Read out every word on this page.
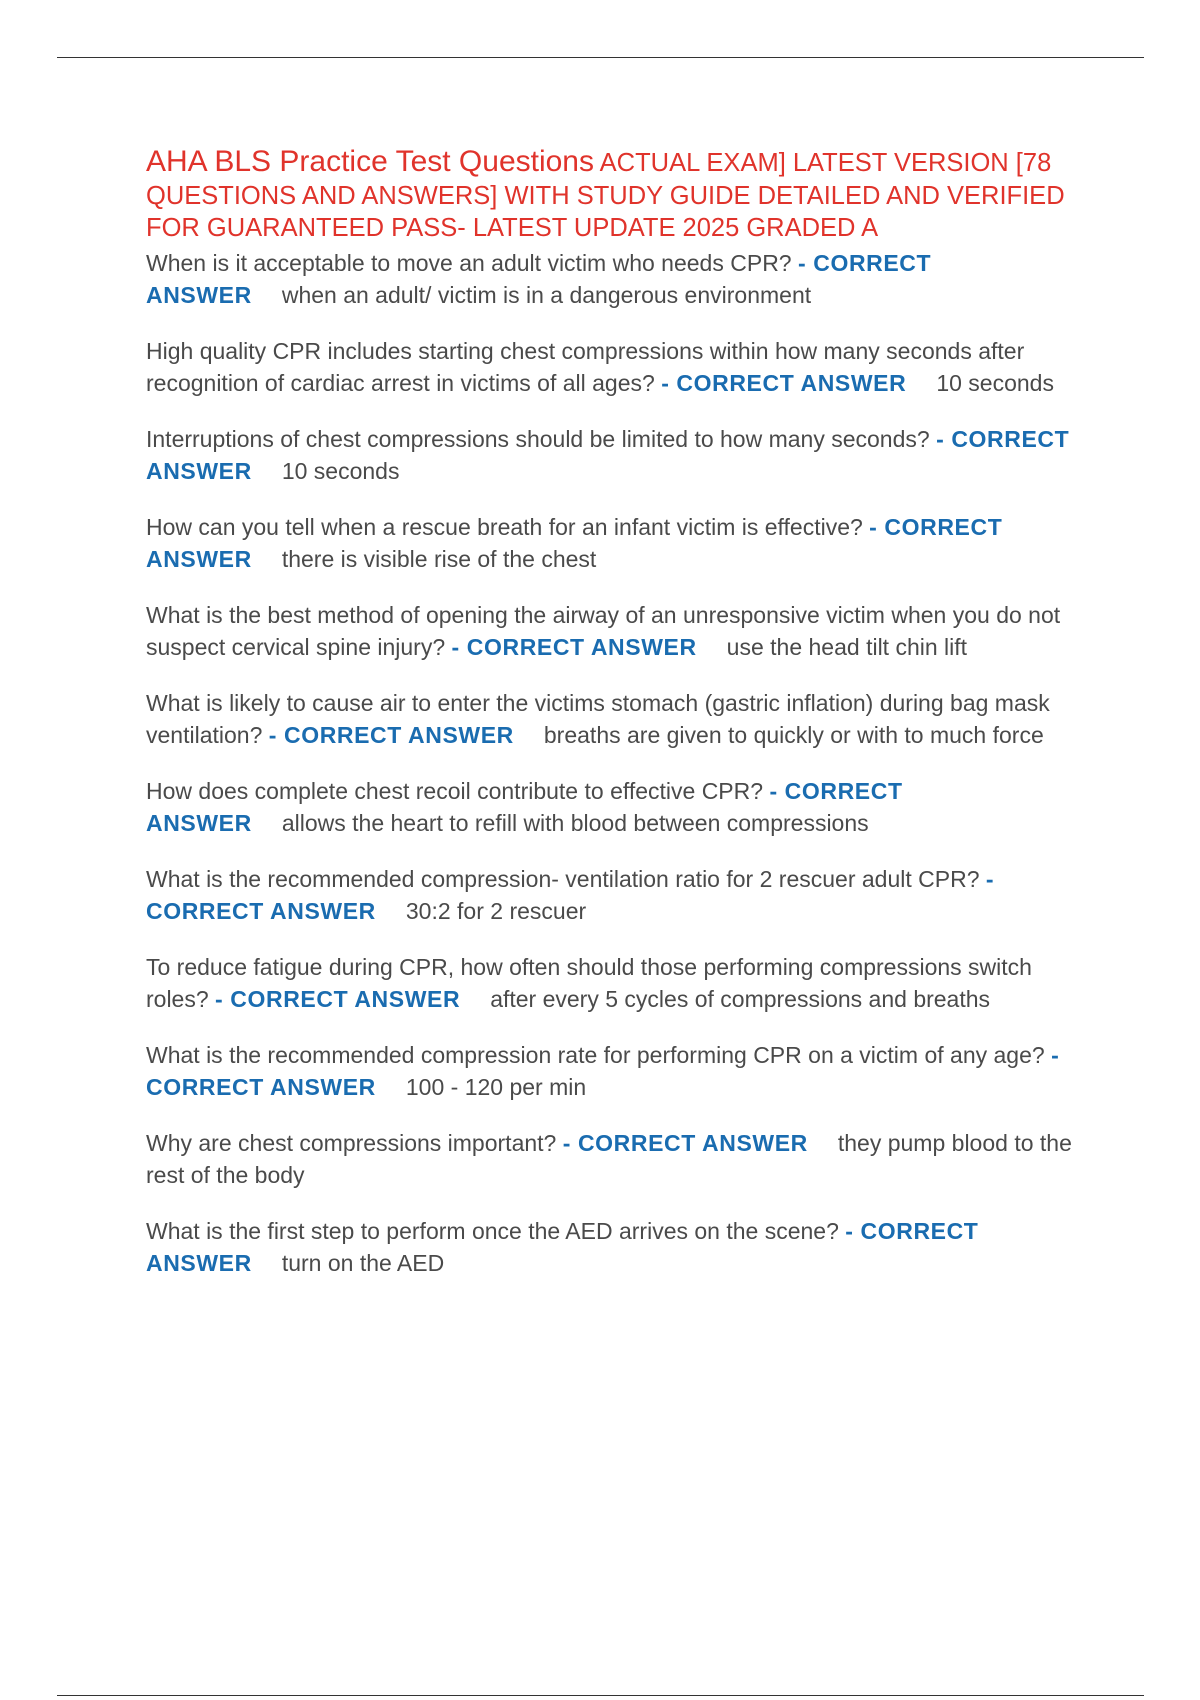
AHA BLS Practice Test Questions ACTUAL EXAM] LATEST VERSION [78 QUESTIONS AND ANSWERS] WITH STUDY GUIDE DETAILED AND VERIFIED FOR GUARANTEED PASS- LATEST UPDATE 2025 GRADED A

When is it acceptable to move an adult victim who needs CPR? - CORRECT ANSWER when an adult/ victim is in a dangerous environment

High quality CPR includes starting chest compressions within how many seconds after recognition of cardiac arrest in victims of all ages? - CORRECT ANSWER 10 seconds

Interruptions of chest compressions should be limited to how many seconds? - CORRECT ANSWER 10 seconds

How can you tell when a rescue breath for an infant victim is effective? - CORRECT ANSWER there is visible rise of the chest

What is the best method of opening the airway of an unresponsive victim when you do not suspect cervical spine injury? - CORRECT ANSWER use the head tilt chin lift

What is likely to cause air to enter the victims stomach (gastric inflation) during bag mask ventilation? - CORRECT ANSWER breaths are given to quickly or with to much force

How does complete chest recoil contribute to effective CPR? - CORRECT ANSWER allows the heart to refill with blood between compressions

What is the recommended compression- ventilation ratio for 2 rescuer adult CPR? - CORRECT ANSWER 30:2 for 2 rescuer

To reduce fatigue during CPR, how often should those performing compressions switch roles? - CORRECT ANSWER after every 5 cycles of compressions and breaths

What is the recommended compression rate for performing CPR on a victim of any age? - CORRECT ANSWER 100 - 120 per min

Why are chest compressions important? - CORRECT ANSWER they pump blood to the rest of the body

What is the first step to perform once the AED arrives on the scene? - CORRECT ANSWER turn on the AED
